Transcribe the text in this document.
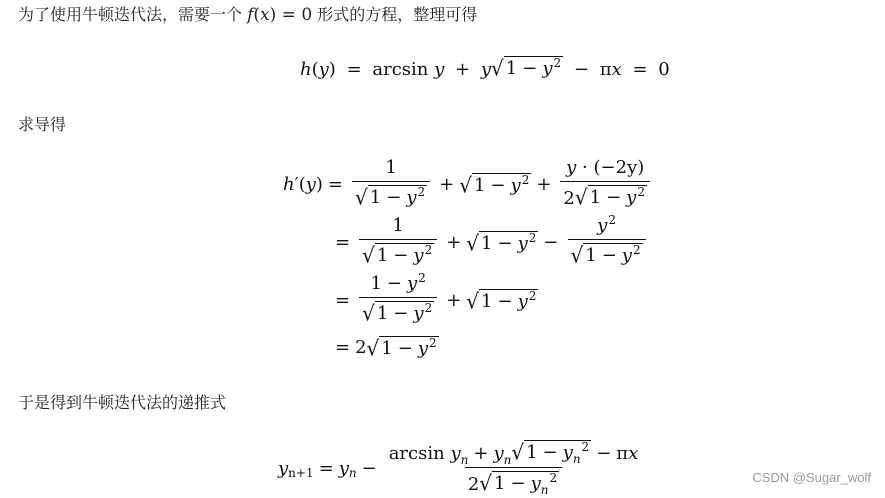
为了使用牛顿迭代法，需要一个 f(x) = 0 形式的方程，整理可得
h(y) = arcsin y + y √ $1 - y^2 - \pi x = 0$
求导得
h ′ ( y ) = $\frac{1}{√ 1 - y^2}$ + √ $1 - y^2 + \frac{y \cdot (-2y)}{2 √ 1 - y^2}$
= $\frac{1}{√ 1 - y^2}$ + √ $1 - y^2 - \frac{y^2}{√ 1 - y^2}$
= $\frac{1 - y^2}{√ 1 - y^2}$ + √ $1 - y^2$
= 2 √ $1 - y^2$
于是得到牛顿迭代法的递推式
y n+1 = y $n - \frac{\arcsin y_n + y_n √ 1 - y_n^2 - \pi x}{2 √ 1 - y_n^2}$	CSDN @Sugar_wolf
